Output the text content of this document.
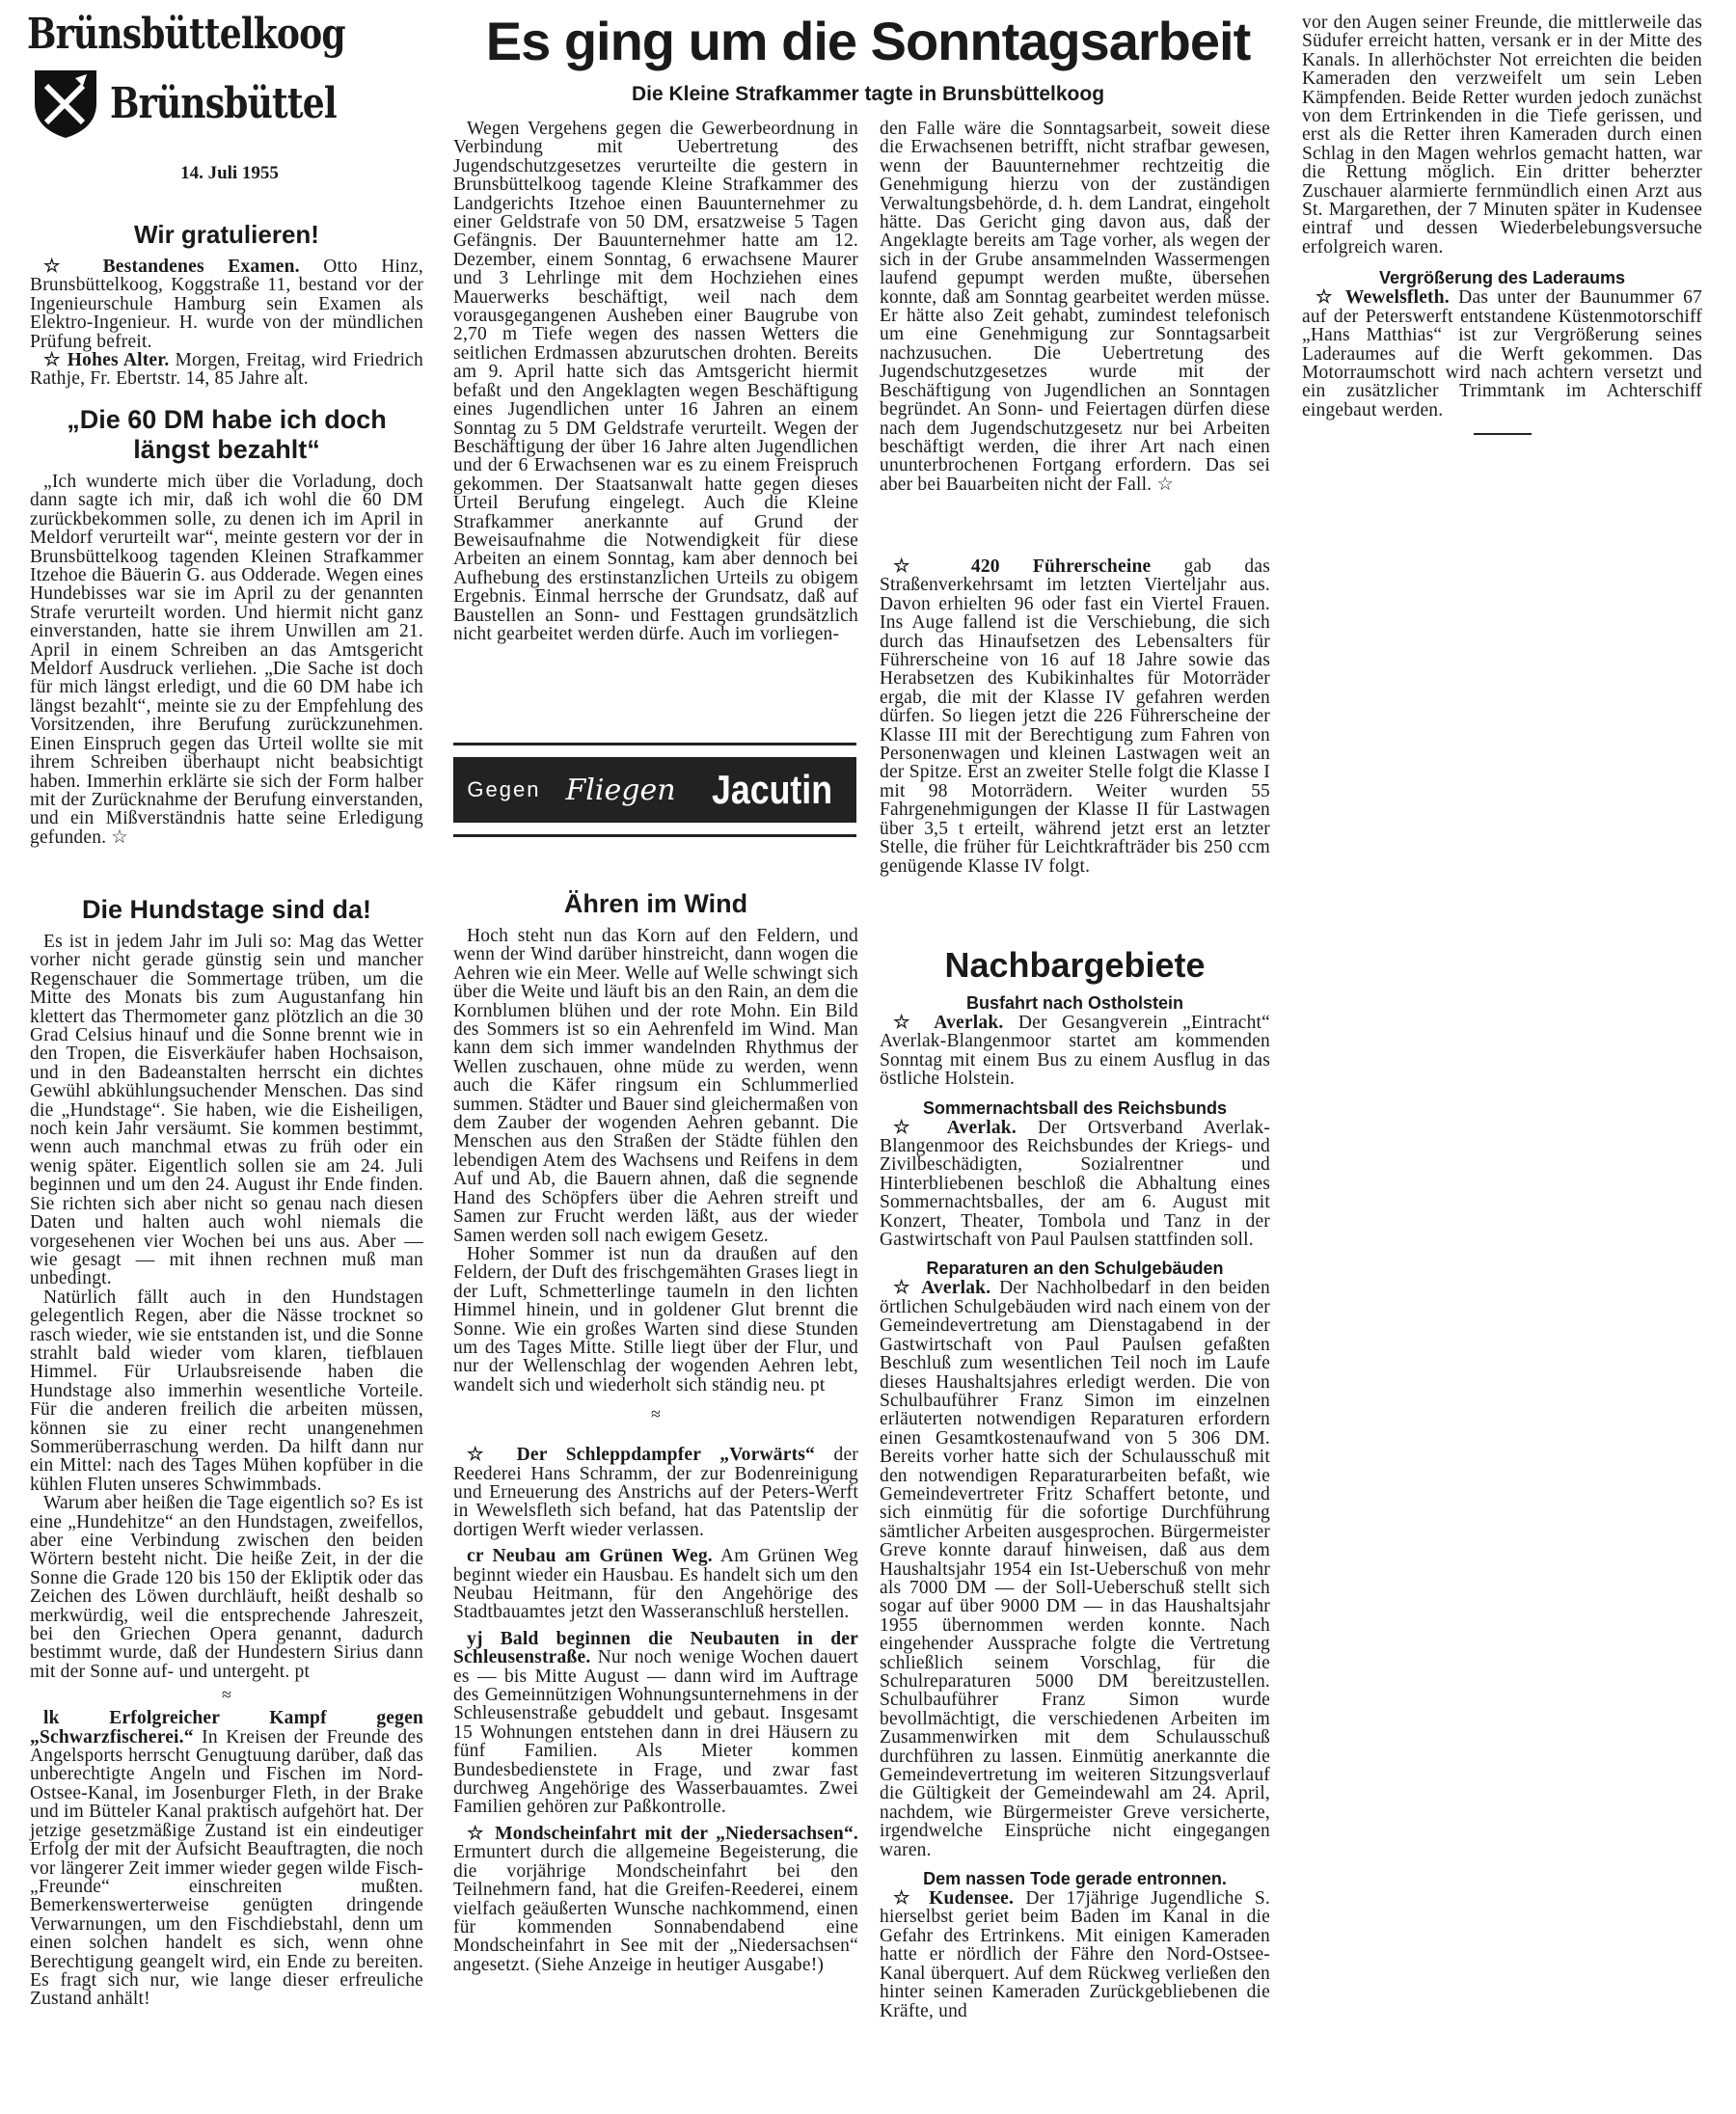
Brünsbüttelkoog
Brünsbüttel
14. Juli 1955
Es ging um die Sonntagsarbeit
Die Kleine Strafkammer tagte in Brunsbüttelkoog
Wir gratulieren!

☆ Bestandenes Examen. Otto Hinz, Brunsbüttelkoog, Koggstraße 11, bestand vor der Ingenieurschule Hamburg sein Examen als Elektro-Ingenieur. H. wurde von der mündlichen Prüfung befreit.

☆ Hohes Alter. Morgen, Freitag, wird Friedrich Rathje, Fr. Ebertstr. 14, 85 Jahre alt.

„Die 60 DM habe ich doch längst bezahlt“

„Ich wunderte mich über die Vorladung, doch dann sagte ich mir, daß ich wohl die 60 DM zurückbekommen solle, zu denen ich im April in Meldorf verurteilt war“, meinte gestern vor der in Brunsbüttelkoog tagenden Kleinen Strafkammer Itzehoe die Bäuerin G. aus Odderade. Wegen eines Hundebisses war sie im April zu der genannten Strafe verurteilt worden. Und hiermit nicht ganz einverstanden, hatte sie ihrem Unwillen am 21. April in einem Schreiben an das Amtsgericht Meldorf Ausdruck verliehen. „Die Sache ist doch für mich längst erledigt, und die 60 DM habe ich längst bezahlt“, meinte sie zu der Empfehlung des Vorsitzenden, ihre Berufung zurückzunehmen. Einen Einspruch gegen das Urteil wollte sie mit ihrem Schreiben überhaupt nicht beabsichtigt haben. Immerhin erklärte sie sich der Form halber mit der Zurücknahme der Berufung einverstanden, und ein Mißverständnis hatte seine Erledigung gefunden. ☆

Die Hundstage sind da!

Es ist in jedem Jahr im Juli so: Mag das Wetter vorher nicht gerade günstig sein und mancher Regenschauer die Sommertage trüben, um die Mitte des Monats bis zum Augustanfang hin klettert das Thermometer ganz plötzlich an die 30 Grad Celsius hinauf und die Sonne brennt wie in den Tropen, die Eisverkäufer haben Hochsaison, und in den Badeanstalten herrscht ein dichtes Gewühl abkühlungsuchender Menschen. Das sind die „Hundstage“. Sie haben, wie die Eisheiligen, noch kein Jahr versäumt. Sie kommen bestimmt, wenn auch manchmal etwas zu früh oder ein wenig später. Eigentlich sollen sie am 24. Juli beginnen und um den 24. August ihr Ende finden. Sie richten sich aber nicht so genau nach diesen Daten und halten auch wohl niemals die vorgesehenen vier Wochen bei uns aus. Aber — wie gesagt — mit ihnen rechnen muß man unbedingt.

Natürlich fällt auch in den Hundstagen gelegentlich Regen, aber die Nässe trocknet so rasch wieder, wie sie entstanden ist, und die Sonne strahlt bald wieder vom klaren, tiefblauen Himmel. Für Urlaubsreisende haben die Hundstage also immerhin wesentliche Vorteile. Für die anderen freilich die arbeiten müssen, können sie zu einer recht unangenehmen Sommerüberraschung werden. Da hilft dann nur ein Mittel: nach des Tages Mühen kopfüber in die kühlen Fluten unseres Schwimmbads.

Warum aber heißen die Tage eigentlich so? Es ist eine „Hundehitze“ an den Hundstagen, zweifellos, aber eine Verbindung zwischen den beiden Wörtern besteht nicht. Die heiße Zeit, in der die Sonne die Grade 120 bis 150 der Ekliptik oder das Zeichen des Löwen durchläuft, heißt deshalb so merkwürdig, weil die entsprechende Jahreszeit, bei den Griechen Opera genannt, dadurch bestimmt wurde, daß der Hundestern Sirius dann mit der Sonne auf- und untergeht. pt

≈

lk Erfolgreicher Kampf gegen „Schwarzfischerei.“ In Kreisen der Freunde des Angelsports herrscht Genugtuung darüber, daß das unberechtigte Angeln und Fischen im Nord-Ostsee-Kanal, im Josenburger Fleth, in der Brake und im Bütteler Kanal praktisch aufgehört hat. Der jetzige gesetzmäßige Zustand ist ein eindeutiger Erfolg der mit der Aufsicht Beauftragten, die noch vor längerer Zeit immer wieder gegen wilde Fisch-„Freunde“ einschreiten mußten. Bemerkenswerterweise genügten dringende Verwarnungen, um den Fischdiebstahl, denn um einen solchen handelt es sich, wenn ohne Berechtigung geangelt wird, ein Ende zu bereiten. Es fragt sich nur, wie lange dieser erfreuliche Zustand anhält!

Wegen Vergehens gegen die Gewerbeordnung in Verbindung mit Uebertretung des Jugendschutzgesetzes verurteilte die gestern in Brunsbüttelkoog tagende Kleine Strafkammer des Landgerichts Itzehoe einen Bauunternehmer zu einer Geldstrafe von 50 DM, ersatzweise 5 Tagen Gefängnis. Der Bauunternehmer hatte am 12. Dezember, einem Sonntag, 6 erwachsene Maurer und 3 Lehrlinge mit dem Hochziehen eines Mauerwerks beschäftigt, weil nach dem vorausgegangenen Ausheben einer Baugrube von 2,70 m Tiefe wegen des nassen Wetters die seitlichen Erdmassen abzurutschen drohten. Bereits am 9. April hatte sich das Amtsgericht hiermit befaßt und den Angeklagten wegen Beschäftigung eines Jugendlichen unter 16 Jahren an einem Sonntag zu 5 DM Geldstrafe verurteilt. Wegen der Beschäftigung der über 16 Jahre alten Jugendlichen und der 6 Erwachsenen war es zu einem Freispruch gekommen. Der Staatsanwalt hatte gegen dieses Urteil Berufung eingelegt. Auch die Kleine Strafkammer anerkannte auf Grund der Beweisaufnahme die Notwendigkeit für diese Arbeiten an einem Sonntag, kam aber dennoch bei Aufhebung des erstinstanzlichen Urteils zu obigem Ergebnis. Einmal herrsche der Grundsatz, daß auf Baustellen an Sonn- und Festtagen grundsätzlich nicht gearbeitet werden dürfe. Auch im vorliegen-

Gegen Fliegen Jacutin
Ähren im Wind

Hoch steht nun das Korn auf den Feldern, und wenn der Wind darüber hinstreicht, dann wogen die Aehren wie ein Meer. Welle auf Welle schwingt sich über die Weite und läuft bis an den Rain, an dem die Kornblumen blühen und der rote Mohn. Ein Bild des Sommers ist so ein Aehrenfeld im Wind. Man kann dem sich immer wandelnden Rhythmus der Wellen zuschauen, ohne müde zu werden, wenn auch die Käfer ringsum ein Schlummerlied summen. Städter und Bauer sind gleichermaßen von dem Zauber der wogenden Aehren gebannt. Die Menschen aus den Straßen der Städte fühlen den lebendigen Atem des Wachsens und Reifens in dem Auf und Ab, die Bauern ahnen, daß die segnende Hand des Schöpfers über die Aehren streift und Samen zur Frucht werden läßt, aus der wieder Samen werden soll nach ewigem Gesetz.

Hoher Sommer ist nun da draußen auf den Feldern, der Duft des frischgemähten Grases liegt in der Luft, Schmetterlinge taumeln in den lichten Himmel hinein, und in goldener Glut brennt die Sonne. Wie ein großes Warten sind diese Stunden um des Tages Mitte. Stille liegt über der Flur, und nur der Wellenschlag der wogenden Aehren lebt, wandelt sich und wiederholt sich ständig neu. pt

≈

☆ Der Schleppdampfer „Vorwärts“ der Reederei Hans Schramm, der zur Bodenreinigung und Erneuerung des Anstrichs auf der Peters-Werft in Wewelsfleth sich befand, hat das Patentslip der dortigen Werft wieder verlassen.

cr Neubau am Grünen Weg. Am Grünen Weg beginnt wieder ein Hausbau. Es handelt sich um den Neubau Heitmann, für den Angehörige des Stadtbauamtes jetzt den Wasseranschluß herstellen.

yj Bald beginnen die Neubauten in der Schleusenstraße. Nur noch wenige Wochen dauert es — bis Mitte August — dann wird im Auftrage des Gemeinnützigen Wohnungsunternehmens in der Schleusenstraße gebuddelt und gebaut. Insgesamt 15 Wohnungen entstehen dann in drei Häusern zu fünf Familien. Als Mieter kommen Bundesbedienstete in Frage, und zwar fast durchweg Angehörige des Wasserbauamtes. Zwei Familien gehören zur Paßkontrolle.

☆ Mondscheinfahrt mit der „Niedersachsen“. Ermuntert durch die allgemeine Begeisterung, die die vorjährige Mondscheinfahrt bei den Teilnehmern fand, hat die Greifen-Reederei, einem vielfach geäußerten Wunsche nachkommend, einen für kommenden Sonnabendabend eine Mondscheinfahrt in See mit der „Niedersachsen“ angesetzt. (Siehe Anzeige in heutiger Ausgabe!)

den Falle wäre die Sonntagsarbeit, soweit diese die Erwachsenen betrifft, nicht strafbar gewesen, wenn der Bauunternehmer rechtzeitig die Genehmigung hierzu von der zuständigen Verwaltungsbehörde, d. h. dem Landrat, eingeholt hätte. Das Gericht ging davon aus, daß der Angeklagte bereits am Tage vorher, als wegen der sich in der Grube ansammelnden Wassermengen laufend gepumpt werden mußte, übersehen konnte, daß am Sonntag gearbeitet werden müsse. Er hätte also Zeit gehabt, zumindest telefonisch um eine Genehmigung zur Sonntagsarbeit nachzusuchen. Die Uebertretung des Jugendschutzgesetzes wurde mit der Beschäftigung von Jugendlichen an Sonntagen begründet. An Sonn- und Feiertagen dürfen diese nach dem Jugendschutzgesetz nur bei Arbeiten beschäftigt werden, die ihrer Art nach einen ununterbrochenen Fortgang erfordern. Das sei aber bei Bauarbeiten nicht der Fall. ☆

☆ 420 Führerscheine gab das Straßenverkehrsamt im letzten Vierteljahr aus. Davon erhielten 96 oder fast ein Viertel Frauen. Ins Auge fallend ist die Verschiebung, die sich durch das Hinaufsetzen des Lebensalters für Führerscheine von 16 auf 18 Jahre sowie das Herabsetzen des Kubikinhaltes für Motorräder ergab, die mit der Klasse IV gefahren werden dürfen. So liegen jetzt die 226 Führerscheine der Klasse III mit der Berechtigung zum Fahren von Personenwagen und kleinen Lastwagen weit an der Spitze. Erst an zweiter Stelle folgt die Klasse I mit 98 Motorrädern. Weiter wurden 55 Fahrgenehmigungen der Klasse II für Lastwagen über 3,5 t erteilt, während jetzt erst an letzter Stelle, die früher für Leichtkrafträder bis 250 ccm genügende Klasse IV folgt.

Nachbargebiete
Busfahrt nach Ostholstein

☆ Averlak. Der Gesangverein „Eintracht“ Averlak-Blangenmoor startet am kommenden Sonntag mit einem Bus zu einem Ausflug in das östliche Holstein.

Sommernachtsball des Reichsbunds

☆ Averlak. Der Ortsverband Averlak-Blangenmoor des Reichsbundes der Kriegs- und Zivilbeschädigten, Sozialrentner und Hinterbliebenen beschloß die Abhaltung eines Sommernachtsballes, der am 6. August mit Konzert, Theater, Tombola und Tanz in der Gastwirtschaft von Paul Paulsen stattfinden soll.

Reparaturen an den Schulgebäuden

☆ Averlak. Der Nachholbedarf in den beiden örtlichen Schulgebäuden wird nach einem von der Gemeindevertretung am Dienstagabend in der Gastwirtschaft von Paul Paulsen gefaßten Beschluß zum wesentlichen Teil noch im Laufe dieses Haushaltsjahres erledigt werden. Die von Schulbauführer Franz Simon im einzelnen erläuterten notwendigen Reparaturen erfordern einen Gesamtkostenaufwand von 5 306 DM. Bereits vorher hatte sich der Schulausschuß mit den notwendigen Reparaturarbeiten befaßt, wie Gemeindevertreter Fritz Schaffert betonte, und sich einmütig für die sofortige Durchführung sämtlicher Arbeiten ausgesprochen. Bürgermeister Greve konnte darauf hinweisen, daß aus dem Haushaltsjahr 1954 ein Ist-Ueberschuß von mehr als 7000 DM — der Soll-Ueberschuß stellt sich sogar auf über 9000 DM — in das Haushaltsjahr 1955 übernommen werden konnte. Nach eingehender Aussprache folgte die Vertretung schließlich seinem Vorschlag, für die Schulreparaturen 5000 DM bereitzustellen. Schulbauführer Franz Simon wurde bevollmächtigt, die verschiedenen Arbeiten im Zusammenwirken mit dem Schulausschuß durchführen zu lassen. Einmütig anerkannte die Gemeindevertretung im weiteren Sitzungsverlauf die Gültigkeit der Gemeindewahl am 24. April, nachdem, wie Bürgermeister Greve versicherte, irgendwelche Einsprüche nicht eingegangen waren.

Dem nassen Tode gerade entronnen.

☆ Kudensee. Der 17jährige Jugendliche S. hierselbst geriet beim Baden im Kanal in die Gefahr des Ertrinkens. Mit einigen Kameraden hatte er nördlich der Fähre den Nord-Ostsee-Kanal überquert. Auf dem Rückweg verließen den hinter seinen Kameraden Zurückgebliebenen die Kräfte, und

vor den Augen seiner Freunde, die mittlerweile das Südufer erreicht hatten, versank er in der Mitte des Kanals. In allerhöchster Not erreichten die beiden Kameraden den verzweifelt um sein Leben Kämpfenden. Beide Retter wurden jedoch zunächst von dem Ertrinkenden in die Tiefe gerissen, und erst als die Retter ihren Kameraden durch einen Schlag in den Magen wehrlos gemacht hatten, war die Rettung möglich. Ein dritter beherzter Zuschauer alarmierte fernmündlich einen Arzt aus St. Margarethen, der 7 Minuten später in Kudensee eintraf und dessen Wiederbelebungsversuche erfolgreich waren.

Vergrößerung des Laderaums

☆ Wewelsfleth. Das unter der Baunummer 67 auf der Peterswerft entstandene Küstenmotorschiff „Hans Matthias“ ist zur Vergrößerung seines Laderaumes auf die Werft gekommen. Das Motorraumschott wird nach achtern versetzt und ein zusätzlicher Trimmtank im Achterschiff eingebaut werden.
